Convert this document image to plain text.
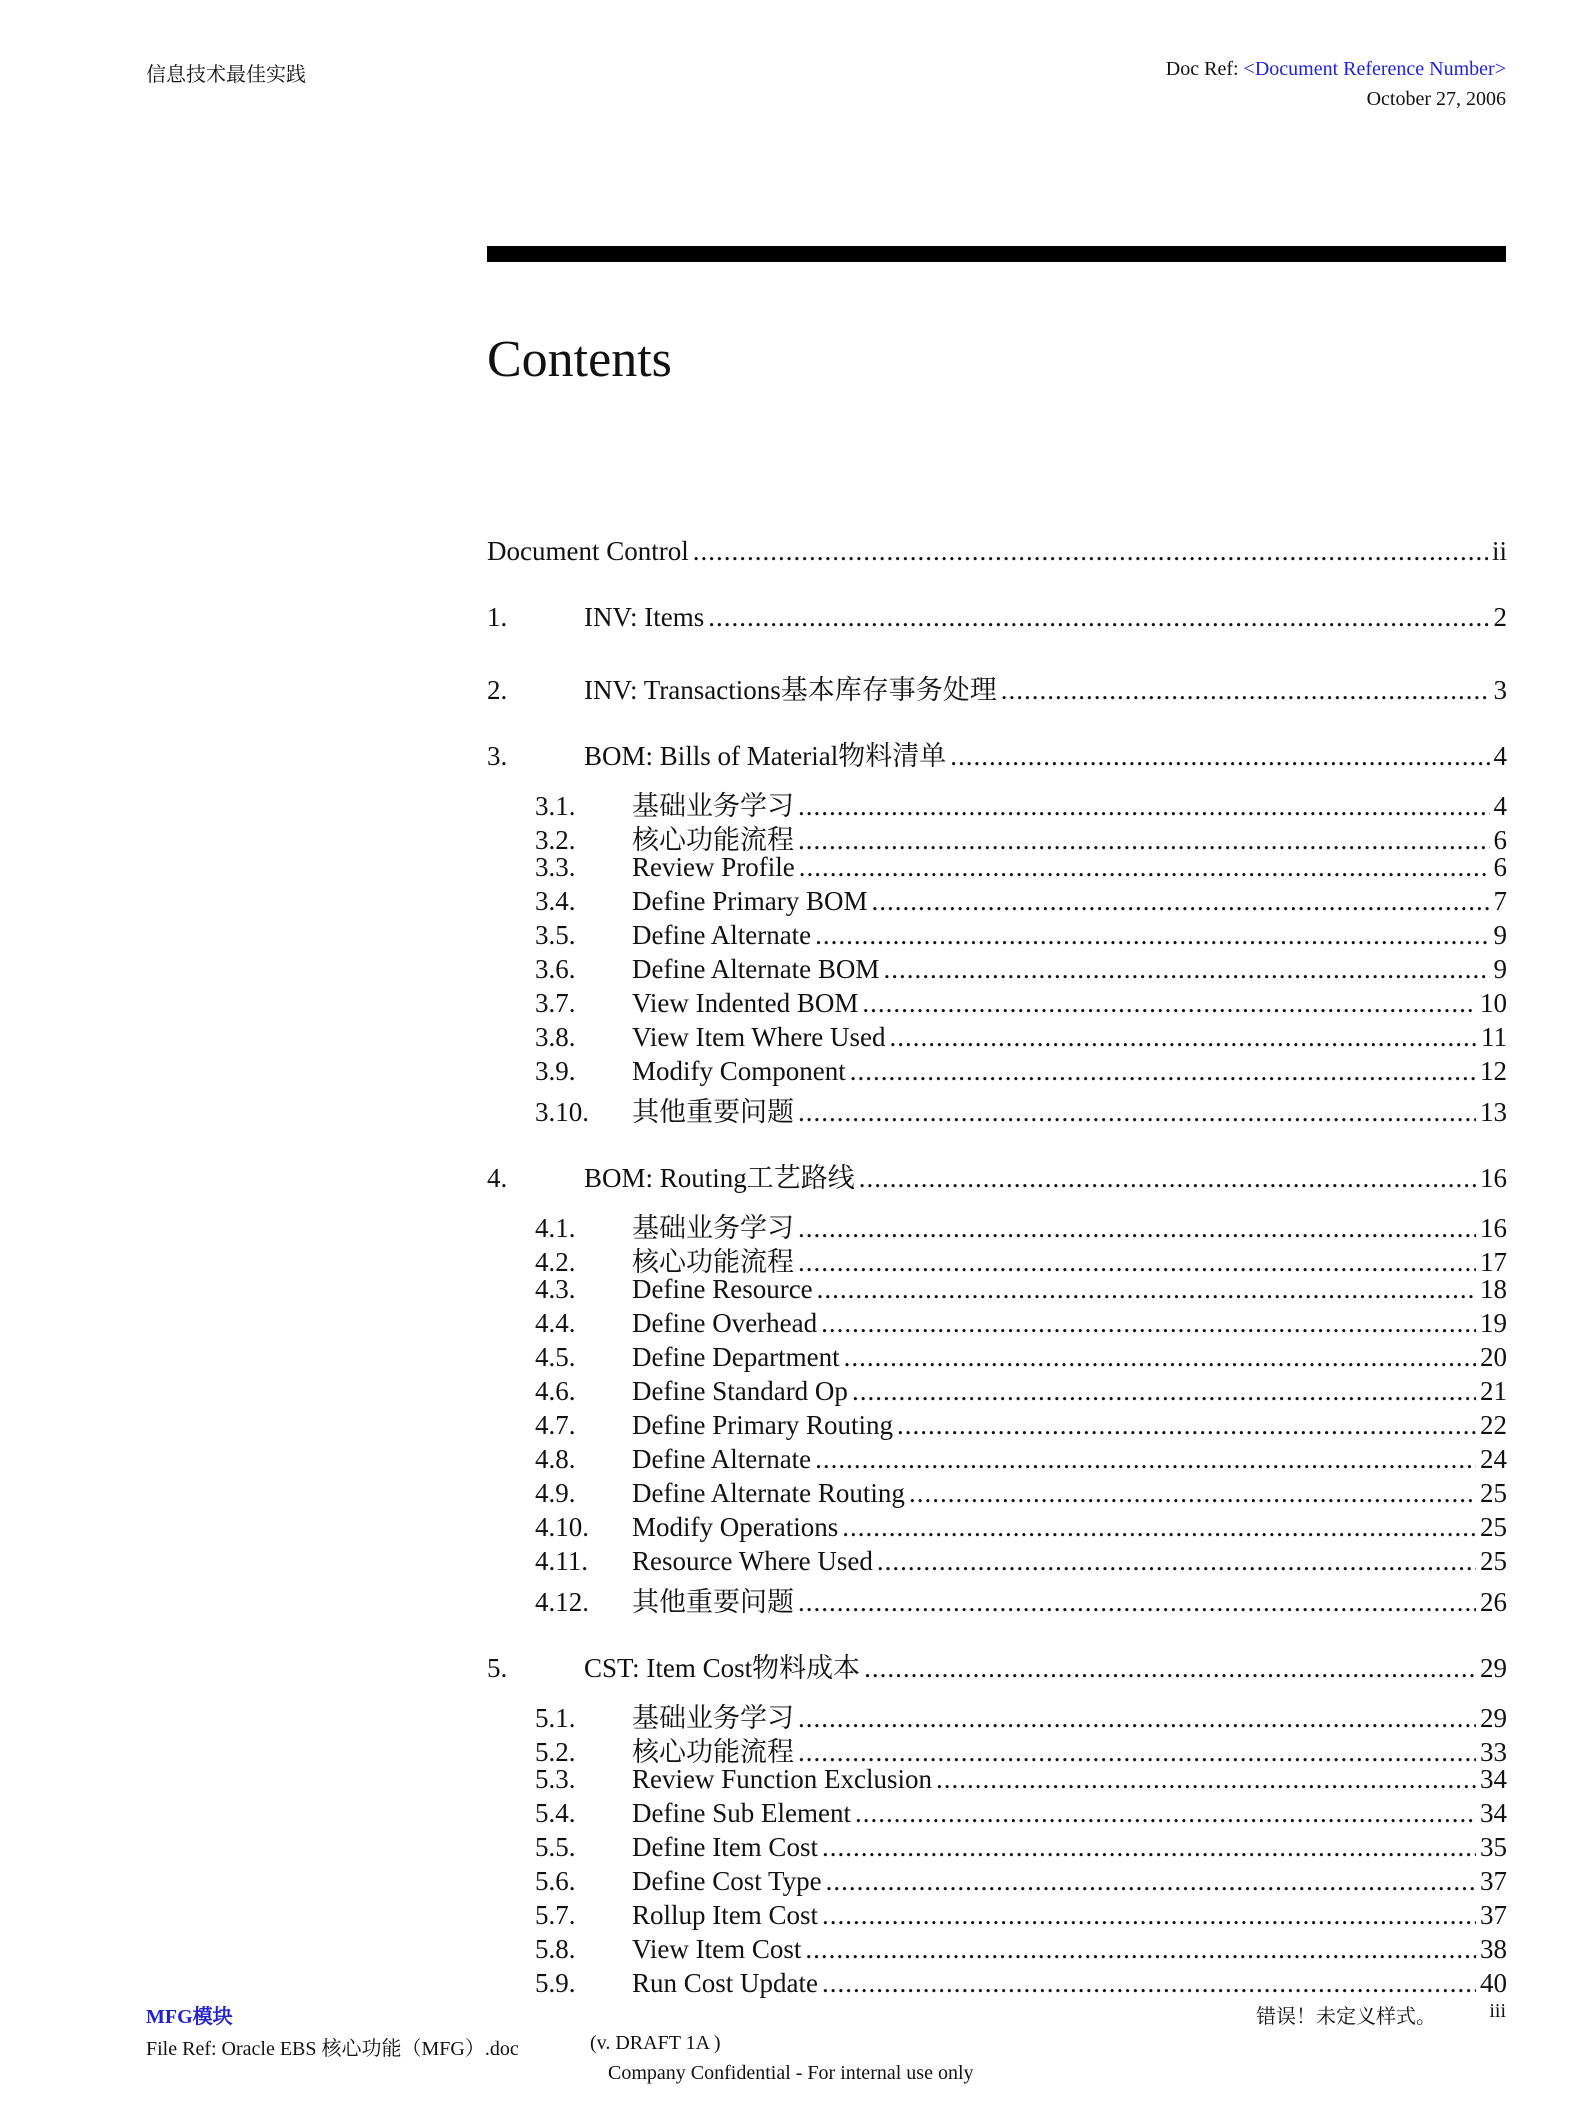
信息技术最佳实践	Doc Ref: <Document Reference Number>
October 27, 2006
Contents
Document Control .....	ii
1.	INV: Items .....	2
2.	INV: Transactions基本库存事务处理 .....	3
3.	BOM: Bills of Material物料清单 .....	4
3.1.	基础业务学习 .....	4
3.2.	核心功能流程 .....	6
3.3.	Review Profile .....	6
3.4.	Define Primary BOM .....	7
3.5.	Define Alternate .....	9
3.6.	Define Alternate BOM .....	9
3.7.	View Indented BOM .....	10
3.8.	View Item Where Used .....	11
3.9.	Modify Component .....	12
3.10.	其他重要问题 .....	13
4.	BOM: Routing工艺路线 .....	16
4.1.	基础业务学习 .....	16
4.2.	核心功能流程 .....	17
4.3.	Define Resource .....	18
4.4.	Define Overhead .....	19
4.5.	Define Department .....	20
4.6.	Define Standard Op .....	21
4.7.	Define Primary Routing .....	22
4.8.	Define Alternate .....	24
4.9.	Define Alternate Routing .....	25
4.10.	Modify Operations .....	25
4.11.	Resource Where Used .....	25
4.12.	其他重要问题 .....	26
5.	CST: Item Cost物料成本 .....	29
5.1.	基础业务学习 .....	29
5.2.	核心功能流程 .....	33
5.3.	Review Function Exclusion .....	34
5.4.	Define Sub Element .....	34
5.5.	Define Item Cost .....	35
5.6.	Define Cost Type .....	37
5.7.	Rollup Item Cost .....	37
5.8.	View Item Cost .....	38
5.9.	Run Cost Update .....	40
MFG模块	错误！未定义样式。	iii
File Ref: Oracle EBS 核心功能（MFG）.doc	(v. DRAFT 1A )
Company Confidential - For internal use only
